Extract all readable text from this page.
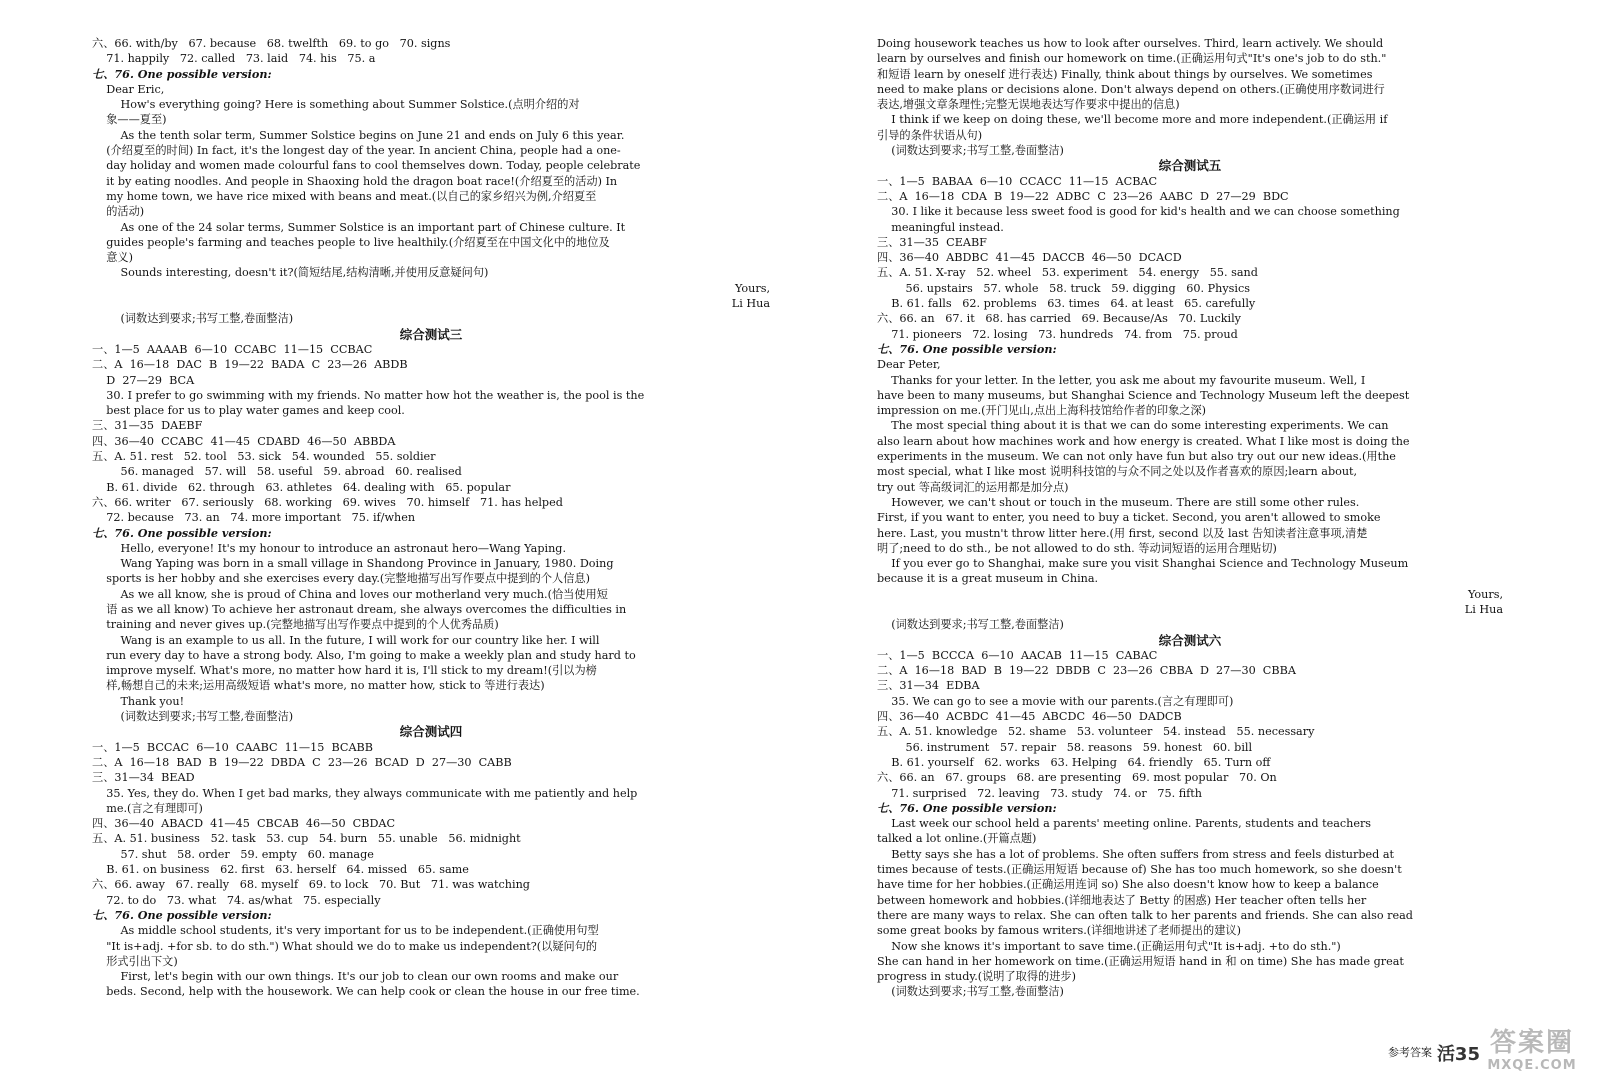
六、66. with/by   67. because   68. twelfth   69. to go   70. signs
71. happily   72. called   73. laid   74. his   75. a
七、76. One possible version:
Dear Eric,
How's everything going? Here is something about Summer Solstice.(点明介绍的对
象——夏至)
As the tenth solar term, Summer Solstice begins on June 21 and ends on July 6 this year.
(介绍夏至的时间) In fact, it's the longest day of the year. In ancient China, people had a one-
day holiday and women made colourful fans to cool themselves down. Today, people celebrate
it by eating noodles. And people in Shaoxing hold the dragon boat race!(介绍夏至的活动) In
my home town, we have rice mixed with beans and meat.(以自己的家乡绍兴为例,介绍夏至
的活动)
As one of the 24 solar terms, Summer Solstice is an important part of Chinese culture. It
guides people's farming and teaches people to live healthily.(介绍夏至在中国文化中的地位及
意义)
Sounds interesting, doesn't it?(简短结尾,结构清晰,并使用反意疑问句)
Yours,
Li Hua
(词数达到要求;书写工整,卷面整洁)
综合测试三
一、1—5  AAAAB  6—10  CCABC  11—15  CCBAC
二、A  16—18  DAC  B  19—22  BADA  C  23—26  ABDB
D  27—29  BCA
30. I prefer to go swimming with my friends. No matter how hot the weather is, the pool is the
best place for us to play water games and keep cool.
三、31—35  DAEBF
四、36—40  CCABC  41—45  CDABD  46—50  ABBDA
五、A. 51. rest   52. tool   53. sick   54. wounded   55. soldier
56. managed   57. will   58. useful   59. abroad   60. realised
B. 61. divide   62. through   63. athletes   64. dealing with   65. popular
六、66. writer   67. seriously   68. working   69. wives   70. himself   71. has helped
72. because   73. an   74. more important   75. if/when
七、76. One possible version:
Hello, everyone! It's my honour to introduce an astronaut hero—Wang Yaping.
Wang Yaping was born in a small village in Shandong Province in January, 1980. Doing
sports is her hobby and she exercises every day.(完整地描写出写作要点中提到的个人信息)
As we all know, she is proud of China and loves our motherland very much.(恰当使用短
语 as we all know) To achieve her astronaut dream, she always overcomes the difficulties in
training and never gives up.(完整地描写出写作要点中提到的个人优秀品质)
Wang is an example to us all. In the future, I will work for our country like her. I will
run every day to have a strong body. Also, I'm going to make a weekly plan and study hard to
improve myself. What's more, no matter how hard it is, I'll stick to my dream!(引以为榜
样,畅想自己的未来;运用高级短语 what's more, no matter how, stick to 等进行表达)
Thank you!
(词数达到要求;书写工整,卷面整洁)
综合测试四
一、1—5  BCCAC  6—10  CAABC  11—15  BCABB
二、A  16—18  BAD  B  19—22  DBDA  C  23—26  BCAD  D  27—30  CABB
三、31—34  BEAD
35. Yes, they do. When I get bad marks, they always communicate with me patiently and help
me.(言之有理即可)
四、36—40  ABACD  41—45  CBCAB  46—50  CBDAC
五、A. 51. business   52. task   53. cup   54. burn   55. unable   56. midnight
57. shut   58. order   59. empty   60. manage
B. 61. on business   62. first   63. herself   64. missed   65. same
六、66. away   67. really   68. myself   69. to lock   70. But   71. was watching
72. to do   73. what   74. as/what   75. especially
七、76. One possible version:
As middle school students, it's very important for us to be independent.(正确使用句型
"It is+adj. +for sb. to do sth.") What should we do to make us independent?(以疑问句的
形式引出下文)
First, let's begin with our own things. It's our job to clean our own rooms and make our
beds. Second, help with the housework. We can help cook or clean the house in our free time.
Doing housework teaches us how to look after ourselves. Third, learn actively. We should
learn by ourselves and finish our homework on time.(正确运用句式"It's one's job to do sth."
和短语 learn by oneself 进行表达) Finally, think about things by ourselves. We sometimes
need to make plans or decisions alone. Don't always depend on others.(正确使用序数词进行
表达,增强文章条理性;完整无误地表达写作要求中提出的信息)
I think if we keep on doing these, we'll become more and more independent.(正确运用 if
引导的条件状语从句)
(词数达到要求;书写工整,卷面整洁)
综合测试五
一、1—5  BABAA  6—10  CCACC  11—15  ACBAC
二、A  16—18  CDA  B  19—22  ADBC  C  23—26  AABC  D  27—29  BDC
30. I like it because less sweet food is good for kid's health and we can choose something
meaningful instead.
三、31—35  CEABF
四、36—40  ABDBC  41—45  DACCB  46—50  DCACD
五、A. 51. X-ray   52. wheel   53. experiment   54. energy   55. sand
56. upstairs   57. whole   58. truck   59. digging   60. Physics
B. 61. falls   62. problems   63. times   64. at least   65. carefully
六、66. an   67. it   68. has carried   69. Because/As   70. Luckily
71. pioneers   72. losing   73. hundreds   74. from   75. proud
七、76. One possible version:
Dear Peter,
Thanks for your letter. In the letter, you ask me about my favourite museum. Well, I
have been to many museums, but Shanghai Science and Technology Museum left the deepest
impression on me.(开门见山,点出上海科技馆给作者的印象之深)
The most special thing about it is that we can do some interesting experiments. We can
also learn about how machines work and how energy is created. What I like most is doing the
experiments in the museum. We can not only have fun but also try out our new ideas.(用the
most special, what I like most 说明科技馆的与众不同之处以及作者喜欢的原因;learn about,
try out 等高级词汇的运用都是加分点)
However, we can't shout or touch in the museum. There are still some other rules.
First, if you want to enter, you need to buy a ticket. Second, you aren't allowed to smoke
here. Last, you mustn't throw litter here.(用 first, second 以及 last 告知读者注意事项,清楚
明了;need to do sth., be not allowed to do sth. 等动词短语的运用合理贴切)
If you ever go to Shanghai, make sure you visit Shanghai Science and Technology Museum
because it is a great museum in China.
Yours,
Li Hua
(词数达到要求;书写工整,卷面整洁)
综合测试六
一、1—5  BCCCA  6—10  AACAB  11—15  CABAC
二、A  16—18  BAD  B  19—22  DBDB  C  23—26  CBBA  D  27—30  CBBA
三、31—34  EDBA
35. We can go to see a movie with our parents.(言之有理即可)
四、36—40  ACBDC  41—45  ABCDC  46—50  DADCB
五、A. 51. knowledge   52. shame   53. volunteer   54. instead   55. necessary
56. instrument   57. repair   58. reasons   59. honest   60. bill
B. 61. yourself   62. works   63. Helping   64. friendly   65. Turn off
六、66. an   67. groups   68. are presenting   69. most popular   70. On
71. surprised   72. leaving   73. study   74. or   75. fifth
七、76. One possible version:
Last week our school held a parents' meeting online. Parents, students and teachers
talked a lot online.(开篇点题)
Betty says she has a lot of problems. She often suffers from stress and feels disturbed at
times because of tests.(正确运用短语 because of) She has too much homework, so she doesn't
have time for her hobbies.(正确运用连词 so) She also doesn't know how to keep a balance
between homework and hobbies.(详细地表达了 Betty 的困惑) Her teacher often tells her
there are many ways to relax. She can often talk to her parents and friends. She can also read
some great books by famous writers.(详细地讲述了老师提出的建议)
Now she knows it's important to save time.(正确运用句式"It is+adj. +to do sth.")
She can hand in her homework on time.(正确运用短语 hand in 和 on time) She has made great
progress in study.(说明了取得的进步)
(词数达到要求;书写工整,卷面整洁)
参考答案 活35 答案圈
MXQE.COM
